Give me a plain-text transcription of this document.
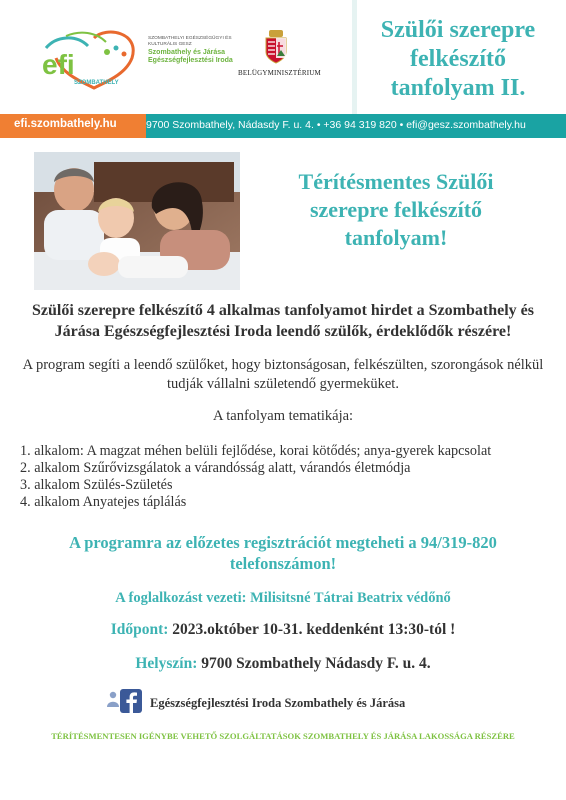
efi
SZOMBATHELY
SZOMBATHELYI EGÉSZSÉGÜGYI ÉS KULTURÁLIS GESZ
Szombathely és Járása Egészségfejlesztési Iroda
BELÜGYMINISZTÉRIUM
Szülői szerepre felkészítő tanfolyam II.
efi.szombathely.hu	9700 Szombathely, Nádasdy F. u. 4. • +36 94 319 820 • efi@gesz.szombathely.hu
Térítésmentes Szülői szerepre felkészítő tanfolyam!
Szülői szerepre felkészítő 4 alkalmas tanfolyamot hirdet a Szombathely és Járása Egészségfejlesztési Iroda leendő szülők, érdeklődők részére!
A program segíti a leendő szülőket, hogy biztonságosan, felkészülten, szorongások nélkül tudják vállalni születendő gyermeküket.
A tanfolyam tematikája:
1. alkalom: A magzat méhen belüli fejlődése, korai kötődés; anya-gyerek kapcsolat
2. alkalom Szűrővizsgálatok a várandósság alatt, várandós életmódja
3. alkalom Szülés-Születés
4. alkalom Anyatejes táplálás
A programra az előzetes regisztrációt megteheti a 94/319-820 telefonszámon!
A foglalkozást vezeti: Milisitsné Tátrai Beatrix védőnő
Időpont: 2023.október 10-31. keddenként 13:30-tól !
Helyszín: 9700 Szombathely Nádasdy F. u. 4.
Egészségfejlesztési Iroda Szombathely és Járása
TÉRÍTÉSMENTESEN IGÉNYBE VEHETŐ SZOLGÁLTATÁSOK SZOMBATHELY ÉS JÁRÁSA LAKOSSÁGA RÉSZÉRE
